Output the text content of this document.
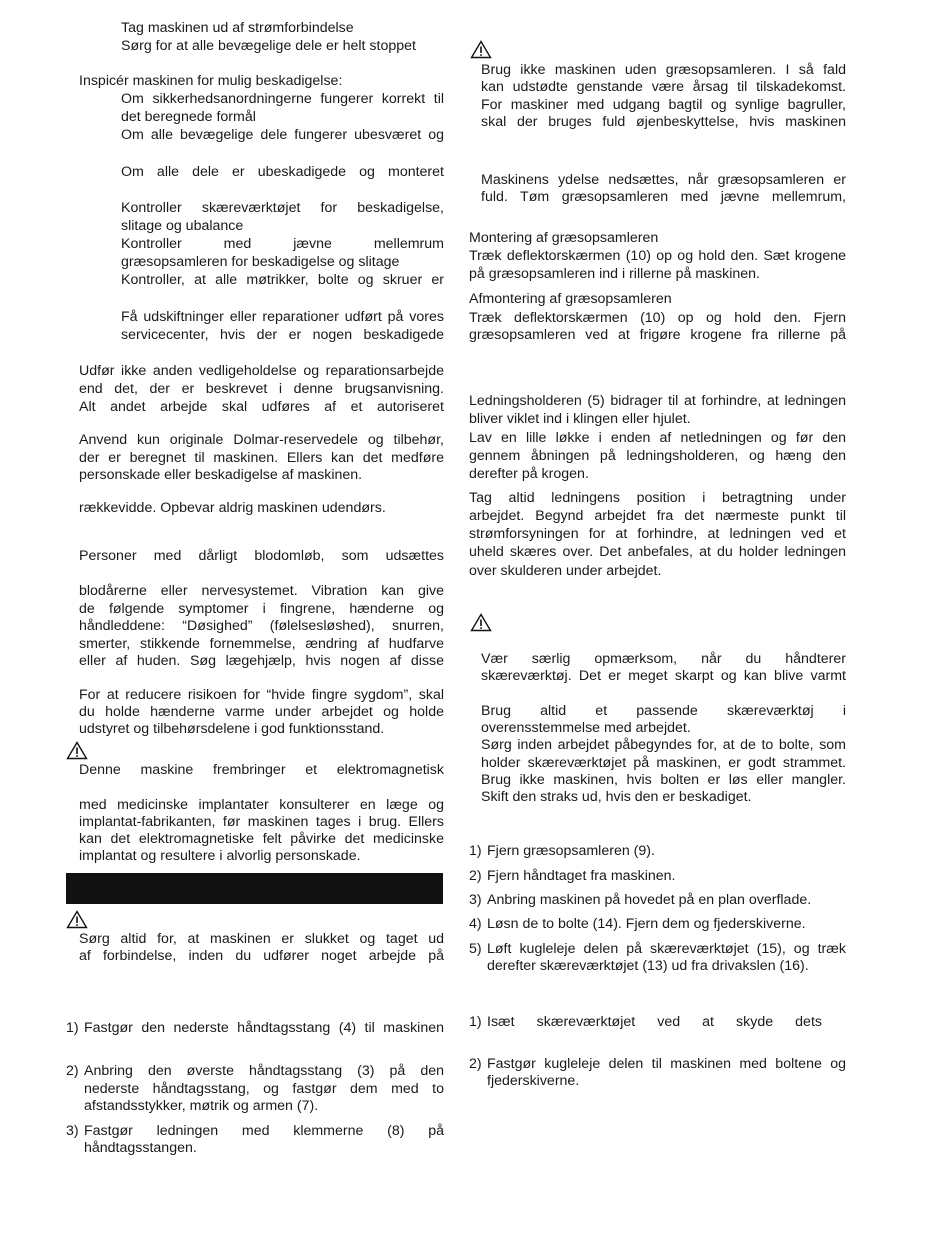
Tag maskinen ud af strømforbindelse
Sørg for at alle bevægelige dele er helt stoppet
Inspicér maskinen for mulig beskadigelse:
Om sikkerhedsanordningerne fungerer korrekt til
det beregnede formål
Om alle bevægelige dele fungerer ubesværet og
Om alle dele er ubeskadigede og monteret
Kontroller skæreværktøjet for beskadigelse,
slitage og ubalance
Kontroller med jævne mellemrum
græsopsamleren for beskadigelse og slitage
Kontroller, at alle møtrikker, bolte og skruer er
Få udskiftninger eller reparationer udført på vores
servicecenter, hvis der er nogen beskadigede
Udfør ikke anden vedligeholdelse og reparationsarbejde
end det, der er beskrevet i denne brugsanvisning.
Alt andet arbejde skal udføres af et autoriseret
Anvend kun originale Dolmar-reservedele og tilbehør,
der er beregnet til maskinen. Ellers kan det medføre
personskade eller beskadigelse af maskinen.
rækkevidde. Opbevar aldrig maskinen udendørs.
Personer med dårligt blodomløb, som udsættes
blodårerne eller nervesystemet. Vibration kan give
de følgende symptomer i fingrene, hænderne og
håndleddene: “Døsighed” (følelsesløshed), snurren,
smerter, stikkende fornemmelse, ændring af hudfarve
eller af huden. Søg lægehjælp, hvis nogen af disse
For at reducere risikoen for “hvide fingre sygdom”, skal
du holde hænderne varme under arbejdet og holde
udstyret og tilbehørsdelene i god funktionsstand.
Denne maskine frembringer et elektromagnetisk
med medicinske implantater konsulterer en læge og
implantat-fabrikanten, før maskinen tages i brug. Ellers
kan det elektromagnetiske felt påvirke det medicinske
implantat og resultere i alvorlig personskade.
Sørg altid for, at maskinen er slukket og taget ud
af forbindelse, inden du udfører noget arbejde på
1) Fastgør den nederste håndtagsstang (4) til maskinen
2) Anbring den øverste håndtagsstang (3) på den
nederste håndtagsstang, og fastgør dem med to
afstandsstykker, møtrik og armen (7).
3) Fastgør ledningen med klemmerne (8) på
håndtagsstangen.
Brug ikke maskinen uden græsopsamleren. I så fald
kan udstødte genstande være årsag til tilskadekomst.
For maskiner med udgang bagtil og synlige bagruller,
skal der bruges fuld øjenbeskyttelse, hvis maskinen
Maskinens ydelse nedsættes, når græsopsamleren er
fuld. Tøm græsopsamleren med jævne mellemrum,
Montering af græsopsamleren
Træk deflektorskærmen (10) op og hold den. Sæt krogene
på græsopsamleren ind i rillerne på maskinen.
Afmontering af græsopsamleren
Træk deflektorskærmen (10) op og hold den. Fjern
græsopsamleren ved at frigøre krogene fra rillerne på
Ledningsholderen (5) bidrager til at forhindre, at ledningen
bliver viklet ind i klingen eller hjulet.
Lav en lille løkke i enden af netledningen og før den
gennem åbningen på ledningsholderen, og hæng den
derefter på krogen.
Tag altid ledningens position i betragtning under
arbejdet. Begynd arbejdet fra det nærmeste punkt til
strømforsyningen for at forhindre, at ledningen ved et
uheld skæres over. Det anbefales, at du holder ledningen
over skulderen under arbejdet.
Vær særlig opmærksom, når du håndterer
skæreværktøj. Det er meget skarpt og kan blive varmt
Brug altid et passende skæreværktøj i
overensstemmelse med arbejdet.
Sørg inden arbejdet påbegyndes for, at de to bolte, som
holder skæreværktøjet på maskinen, er godt strammet.
Brug ikke maskinen, hvis bolten er løs eller mangler.
Skift den straks ud, hvis den er beskadiget.
1) Fjern græsopsamleren (9).
2) Fjern håndtaget fra maskinen.
3) Anbring maskinen på hovedet på en plan overflade.
4) Løsn de to bolte (14). Fjern dem og fjederskiverne.
5) Løft kugleleje delen på skæreværktøjet (15), og træk
derefter skæreværktøjet (13) ud fra drivakslen (16).
1) Isæt skæreværktøjet ved at skyde dets
2) Fastgør kugleleje delen til maskinen med boltene og
fjederskiverne.
